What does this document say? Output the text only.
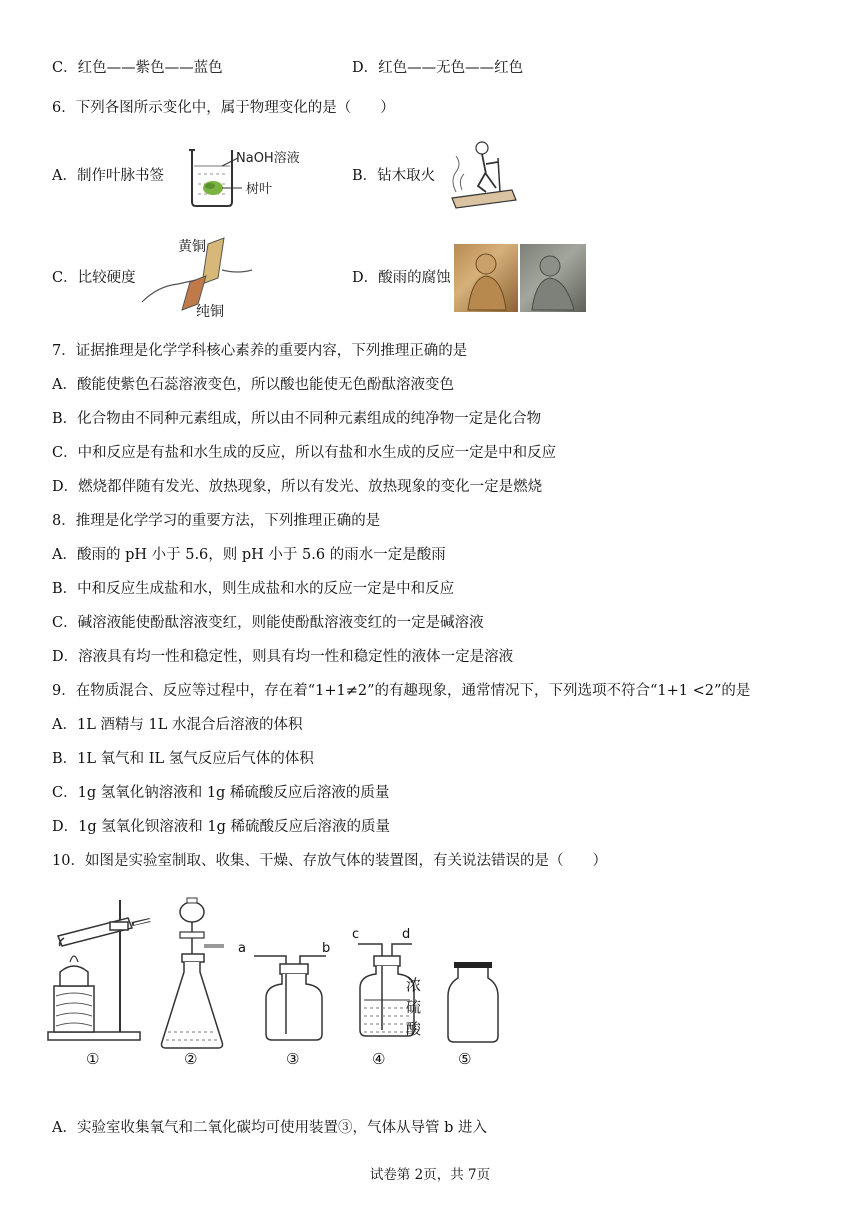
C．红色——紫色——蓝色	D．红色——无色——红色
6．下列各图所示变化中，属于物理变化的是（　　）
A．制作叶脉书签
NaOH溶液
树叶
B．钻木取火
C．比较硬度
黄铜
纯铜
D．酸雨的腐蚀
7．证据推理是化学学科核心素养的重要内容，下列推理正确的是
A．酸能使紫色石蕊溶液变色，所以酸也能使无色酚酞溶液变色
B．化合物由不同种元素组成，所以由不同种元素组成的纯净物一定是化合物
C．中和反应是有盐和水生成的反应，所以有盐和水生成的反应一定是中和反应
D．燃烧都伴随有发光、放热现象，所以有发光、放热现象的变化一定是燃烧
8．推理是化学学习的重要方法，下列推理正确的是
A．酸雨的 pH 小于 5.6，则 pH 小于 5.6 的雨水一定是酸雨
B．中和反应生成盐和水，则生成盐和水的反应一定是中和反应
C．碱溶液能使酚酞溶液变红，则能使酚酞溶液变红的一定是碱溶液
D．溶液具有均一性和稳定性，则具有均一性和稳定性的液体一定是溶液
9．在物质混合、反应等过程中，存在着“1+1≠2”的有趣现象，通常情况下，下列选项不符合“1+1 <2”的是
A．1L 酒精与 1L 水混合后溶液的体积
B．1L 氧气和 IL 氢气反应后气体的体积
C．1g 氢氧化钠溶液和 1g 稀硫酸反应后溶液的质量
D．1g 氢氧化钡溶液和 1g 稀硫酸反应后溶液的质量
10．如图是实验室制取、收集、干燥、存放气体的装置图，有关说法错误的是（　　）
①	②
a	b
③
c	d
浓
硫
酸
④	⑤
A．实验室收集氧气和二氧化碳均可使用装置③，气体从导管 b 进入
试卷第 2页，共 7页
